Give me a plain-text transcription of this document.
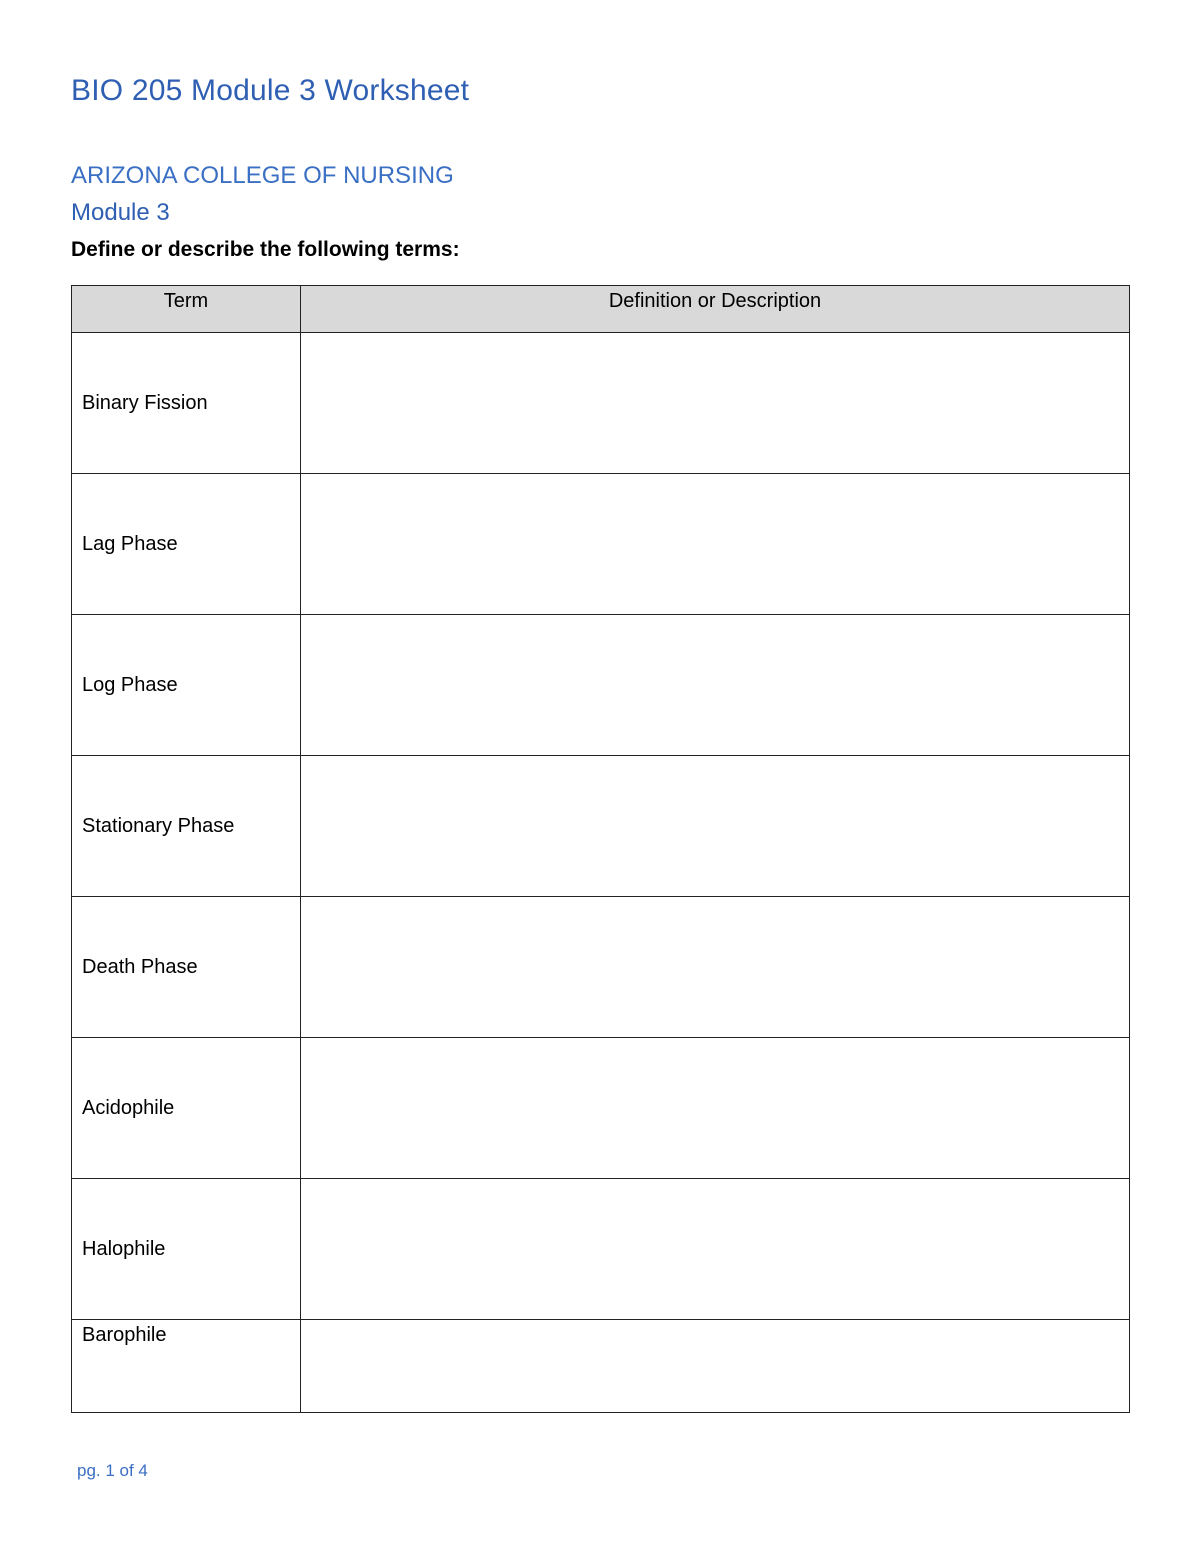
BIO 205 Module 3 Worksheet
ARIZONA COLLEGE OF NURSING
Module 3
Define or describe the following terms:
Term	Definition or Description
Binary Fission	
Lag Phase	
Log Phase	
Stationary Phase	
Death Phase	
Acidophile	
Halophile	
Barophile	
pg. 1 of 4
